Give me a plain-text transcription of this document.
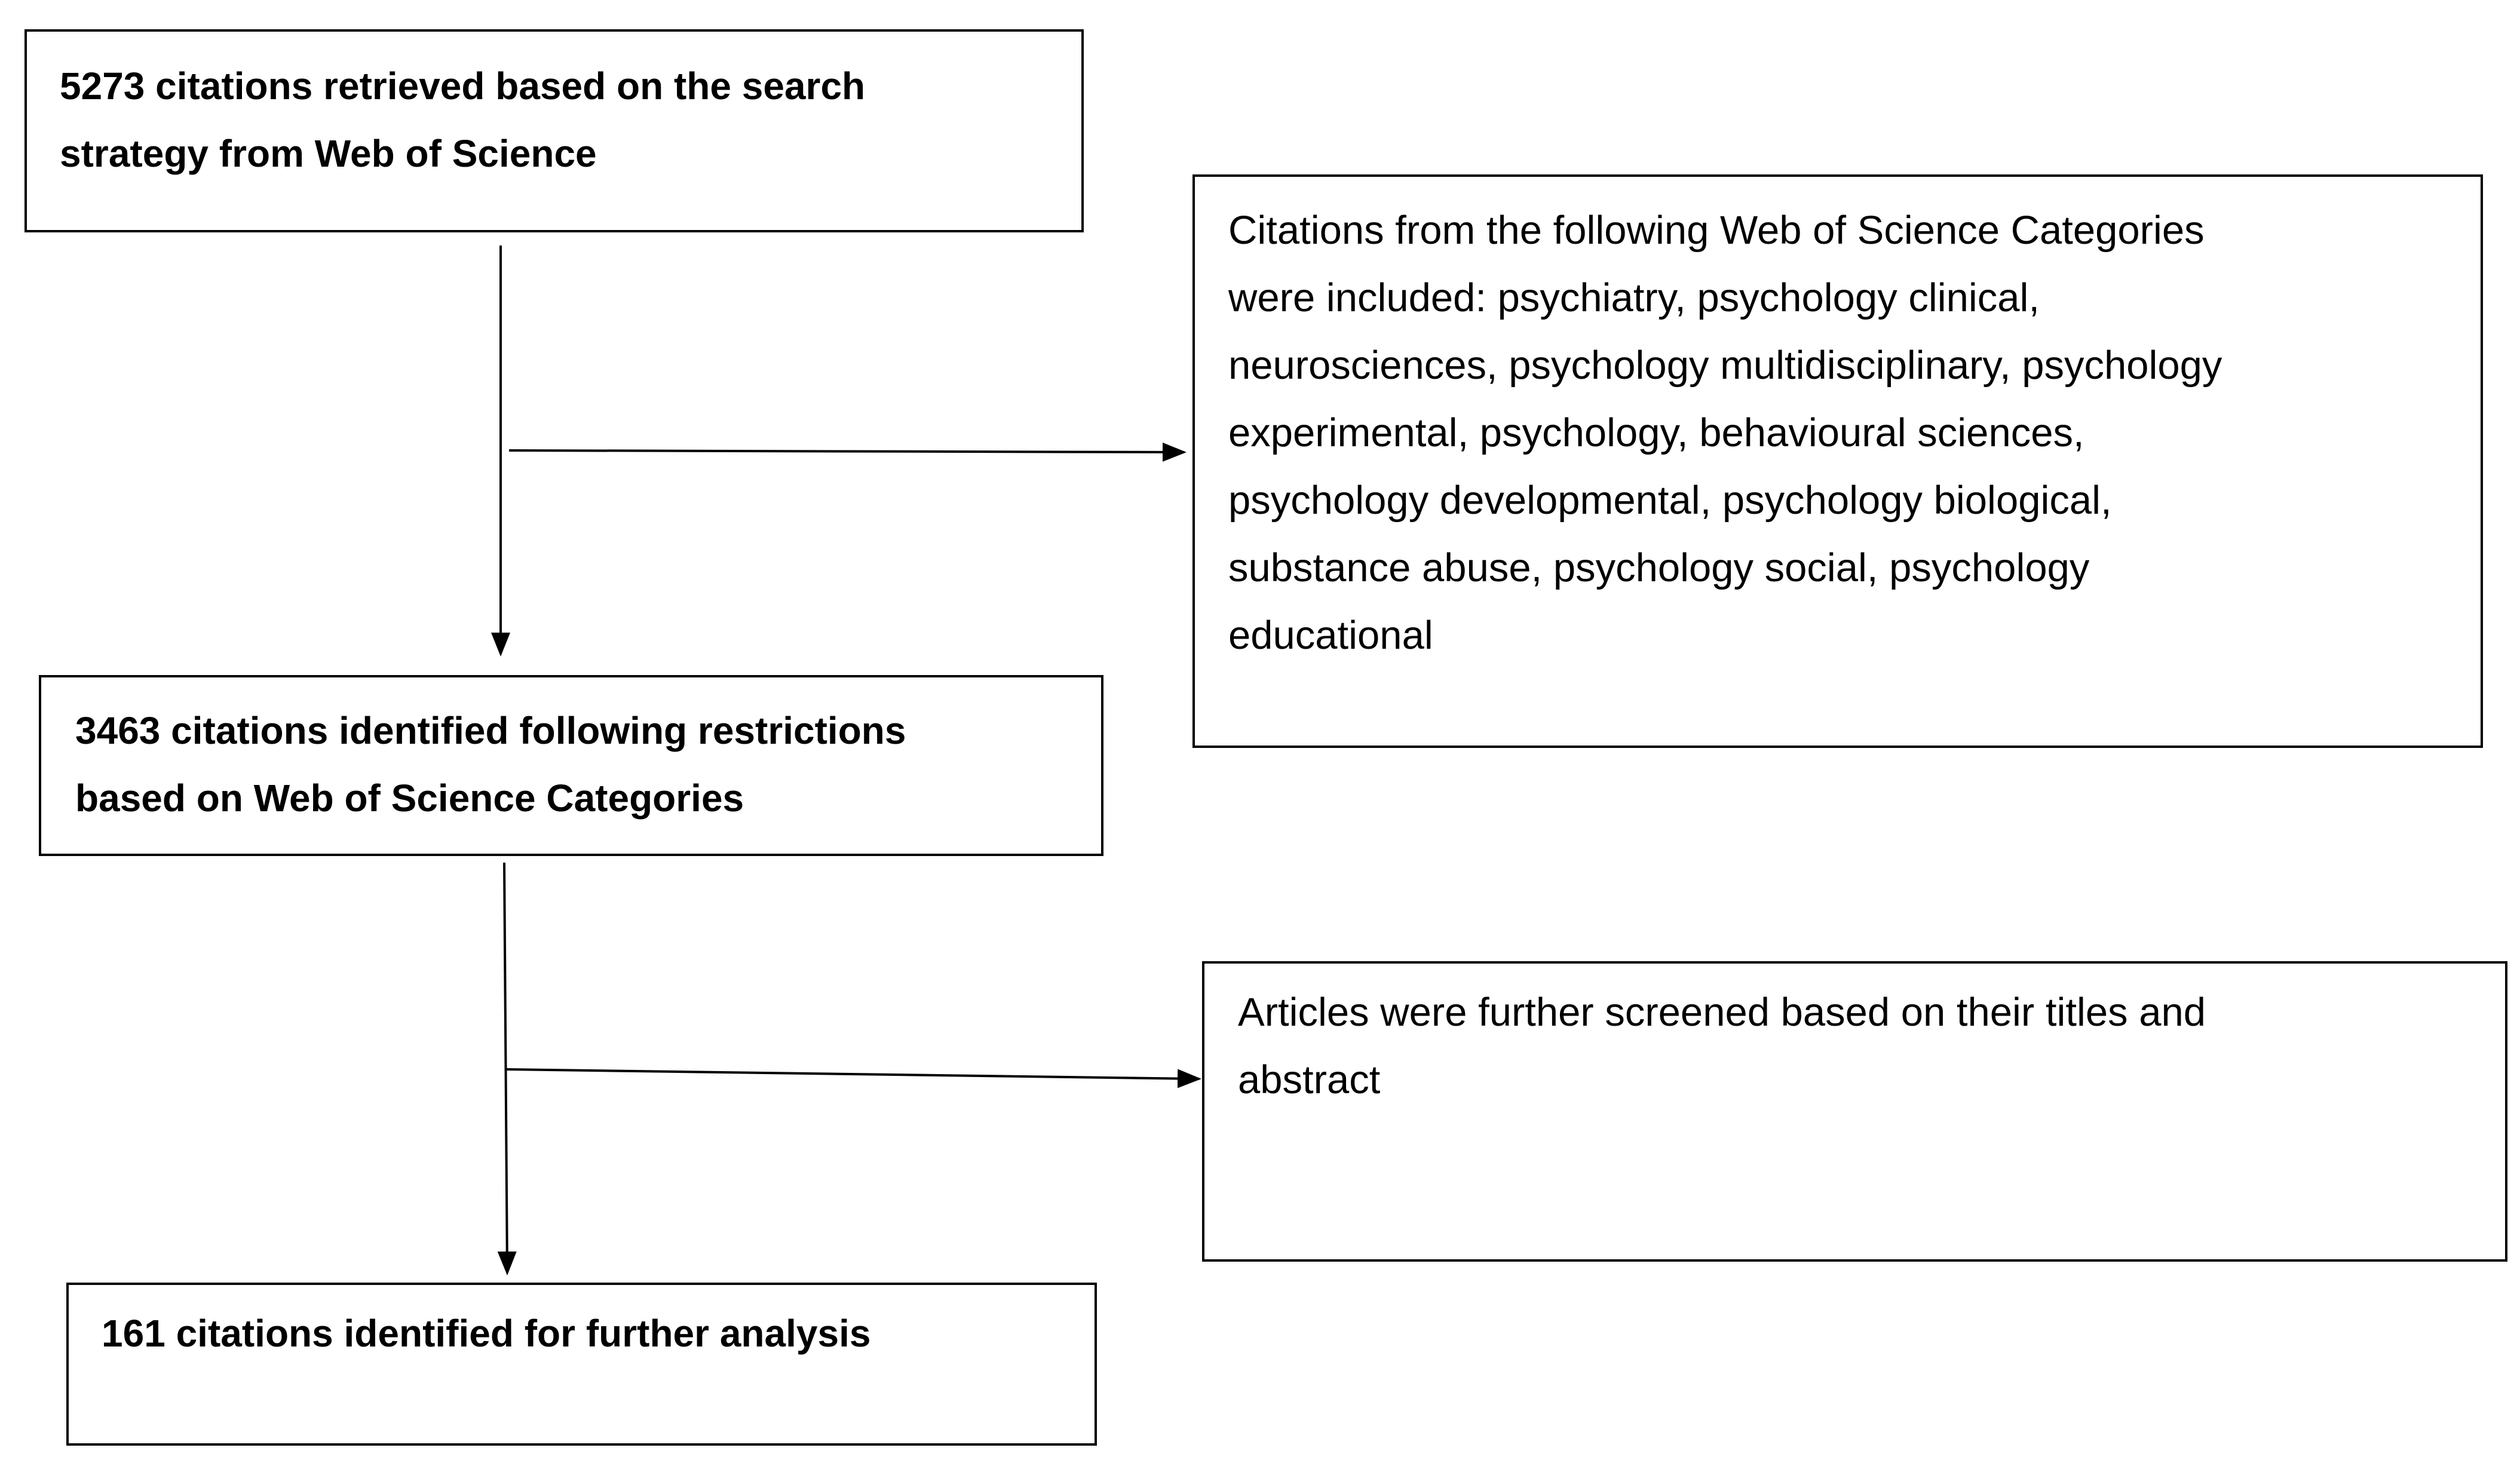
5273 citations retrieved based on the search
strategy from Web of Science
Citations from the following Web of Science Categories
were included: psychiatry, psychology clinical,
neurosciences, psychology multidisciplinary, psychology
experimental, psychology, behavioural sciences,
psychology developmental, psychology biological,
substance abuse, psychology social, psychology
educational
3463 citations identified following restrictions
based on Web of Science Categories
Articles were further screened based on their titles and
abstract
161 citations identified for further analysis
